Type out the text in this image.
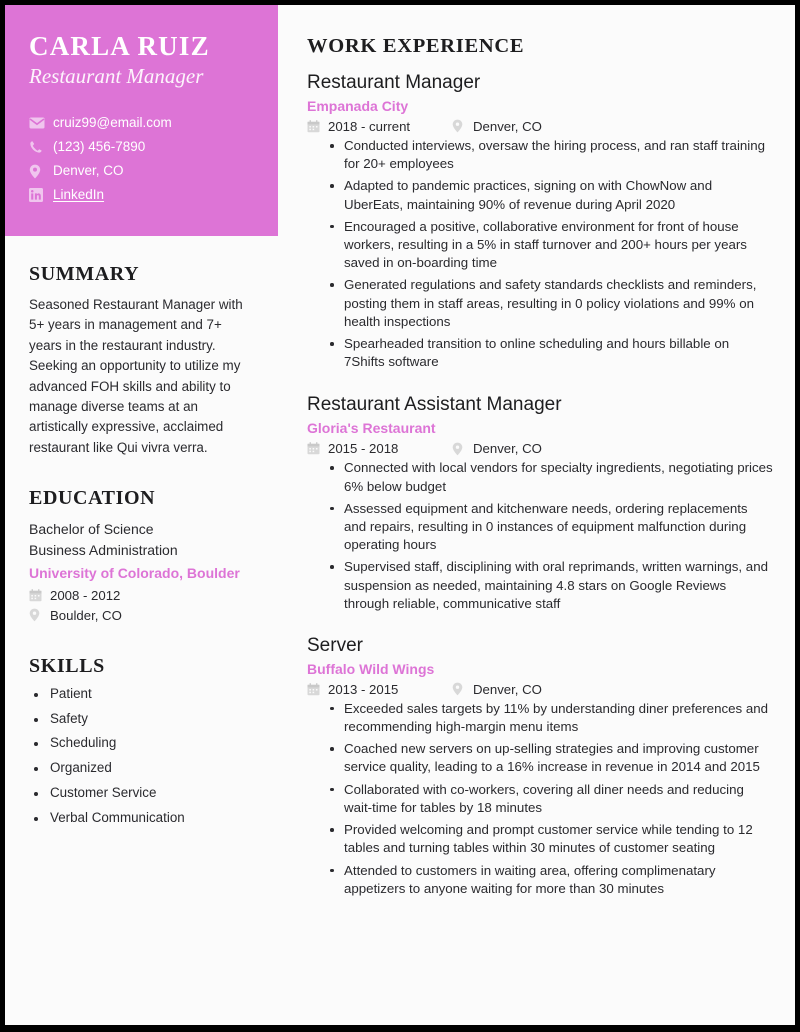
CARLA RUIZ
Restaurant Manager
cruiz99@email.com
(123) 456-7890
Denver, CO
LinkedIn
SUMMARY

Seasoned Restaurant Manager with 5+ years in management and 7+ years in the restaurant industry. Seeking an opportunity to utilize my advanced FOH skills and ability to manage diverse teams at an artistically expressive, acclaimed restaurant like Qui vivra verra.

EDUCATION
Bachelor of Science
Business Administration
University of Colorado, Boulder
2008 - 2012
Boulder, CO
SKILLS
Patient
Safety
Scheduling
Organized
Customer Service
Verbal Communication
WORK EXPERIENCE
Restaurant Manager
Empanada City
2018 - current	Denver, CO
Conducted interviews, oversaw the hiring process, and ran staff training for 20+ employees
Adapted to pandemic practices, signing on with ChowNow and UberEats, maintaining 90% of revenue during April 2020
Encouraged a positive, collaborative environment for front of house workers, resulting in a 5% in staff turnover and 200+ hours per years saved in on-boarding time
Generated regulations and safety standards checklists and reminders, posting them in staff areas, resulting in 0 policy violations and 99% on health inspections
Spearheaded transition to online scheduling and hours billable on 7Shifts software
Restaurant Assistant Manager
Gloria's Restaurant
2015 - 2018	Denver, CO
Connected with local vendors for specialty ingredients, negotiating prices 6% below budget
Assessed equipment and kitchenware needs, ordering replacements and repairs, resulting in 0 instances of equipment malfunction during operating hours
Supervised staff, disciplining with oral reprimands, written warnings, and suspension as needed, maintaining 4.8 stars on Google Reviews through reliable, communicative staff
Server
Buffalo Wild Wings
2013 - 2015	Denver, CO
Exceeded sales targets by 11% by understanding diner preferences and recommending high-margin menu items
Coached new servers on up-selling strategies and improving customer service quality, leading to a 16% increase in revenue in 2014 and 2015
Collaborated with co-workers, covering all diner needs and reducing wait-time for tables by 18 minutes
Provided welcoming and prompt customer service while tending to 12 tables and turning tables within 30 minutes of customer seating
Attended to customers in waiting area, offering complimenatary appetizers to anyone waiting for more than 30 minutes
